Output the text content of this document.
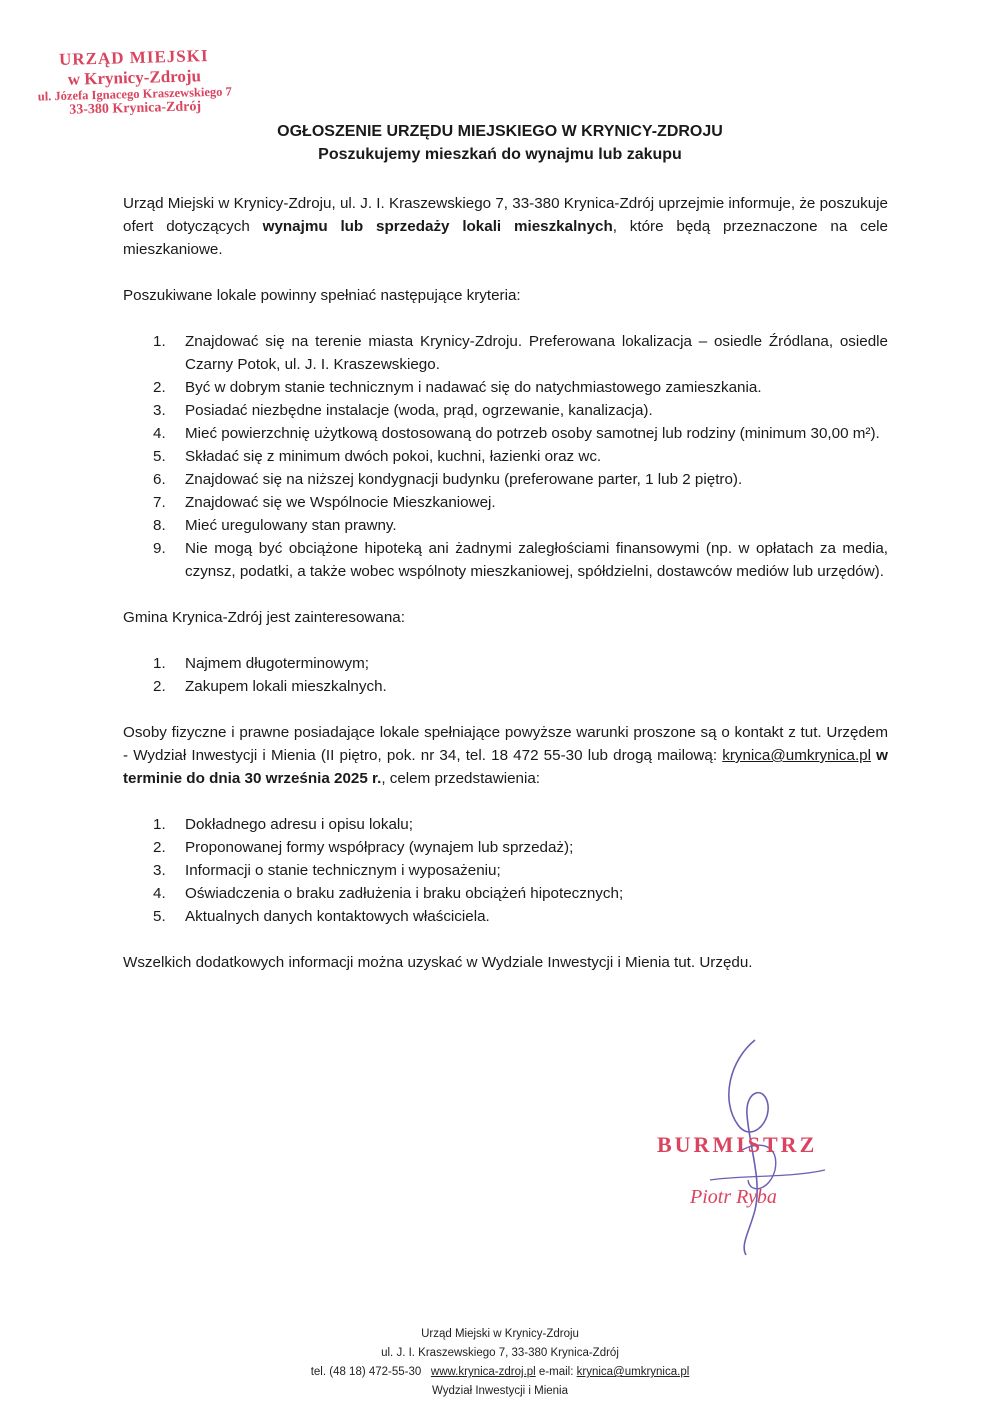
URZĄD MIEJSKI
w Krynicy-Zdroju
ul. Józefa Ignacego Kraszewskiego 7
33-380 Krynica-Zdrój
OGŁOSZENIE URZĘDU MIEJSKIEGO W KRYNICY-ZDROJU
Poszukujemy mieszkań do wynajmu lub zakupu

Urząd Miejski w Krynicy-Zdroju, ul. J. I. Kraszewskiego 7, 33-380 Krynica-Zdrój uprzejmie informuje, że poszukuje ofert dotyczących wynajmu lub sprzedaży lokali mieszkalnych, które będą przeznaczone na cele mieszkaniowe.

Poszukiwane lokale powinny spełniać następujące kryteria:

1. Znajdować się na terenie miasta Krynicy-Zdroju. Preferowana lokalizacja – osiedle Źródlana, osiedle Czarny Potok, ul. J. I. Kraszewskiego.
2. Być w dobrym stanie technicznym i nadawać się do natychmiastowego zamieszkania.
3. Posiadać niezbędne instalacje (woda, prąd, ogrzewanie, kanalizacja).
4. Mieć powierzchnię użytkową dostosowaną do potrzeb osoby samotnej lub rodziny (minimum 30,00 m²).
5. Składać się z minimum dwóch pokoi, kuchni, łazienki oraz wc.
6. Znajdować się na niższej kondygnacji budynku (preferowane parter, 1 lub 2 piętro).
7. Znajdować się we Wspólnocie Mieszkaniowej.
8. Mieć uregulowany stan prawny.
9. Nie mogą być obciążone hipoteką ani żadnymi zaległościami finansowymi (np. w opłatach za media, czynsz, podatki, a także wobec wspólnoty mieszkaniowej, spółdzielni, dostawców mediów lub urzędów).

Gmina Krynica-Zdrój jest zainteresowana:

1. Najmem długoterminowym;
2. Zakupem lokali mieszkalnych.

Osoby fizyczne i prawne posiadające lokale spełniające powyższe warunki proszone są o kontakt z tut. Urzędem - Wydział Inwestycji i Mienia (II piętro, pok. nr 34, tel. 18 472 55-30 lub drogą mailową: krynica@umkrynica.pl w terminie do dnia 30 września 2025 r., celem przedstawienia:

1. Dokładnego adresu i opisu lokalu;
2. Proponowanej formy współpracy (wynajem lub sprzedaż);
3. Informacji o stanie technicznym i wyposażeniu;
4. Oświadczenia o braku zadłużenia i braku obciążeń hipotecznych;
5. Aktualnych danych kontaktowych właściciela.

Wszelkich dodatkowych informacji można uzyskać w Wydziale Inwestycji i Mienia tut. Urzędu.

BURMISTRZ
Piotr Ryba
Urząd Miejski w Krynicy-Zdroju
ul. J. I. Kraszewskiego 7, 33-380 Krynica-Zdrój
tel. (48 18) 472-55-30 www.krynica-zdroj.pl e-mail: krynica@umkrynica.pl
Wydział Inwestycji i Mienia
